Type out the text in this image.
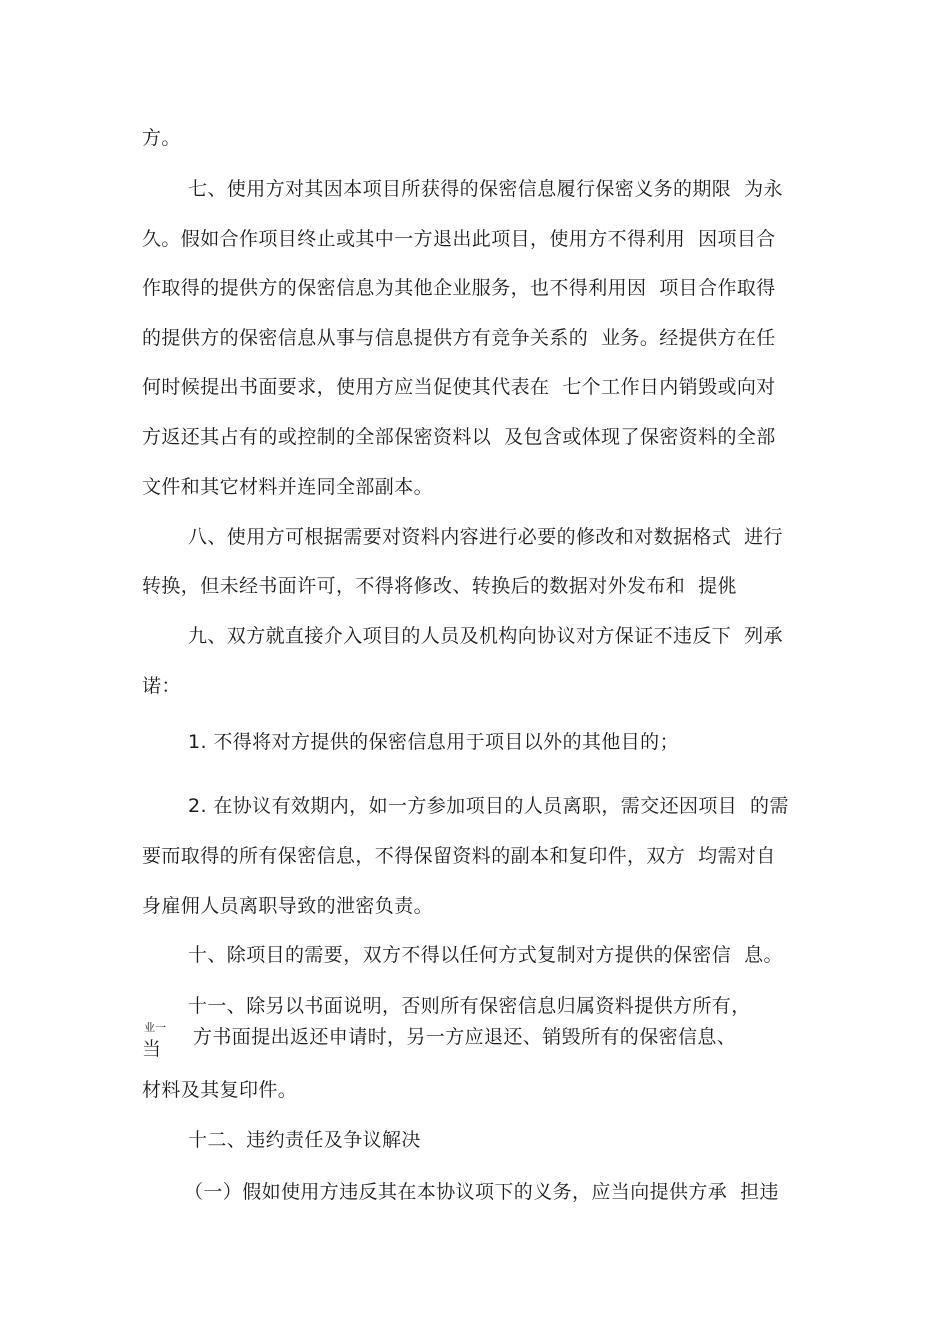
方。
七、使用方对其因本项目所获得的保密信息履行保密义务的期限  为永
久。假如合作项目终止或其中一方退出此项目，使用方不得利用  因项目合
作取得的提供方的保密信息为其他企业服务，也不得利用因  项目合作取得
的提供方的保密信息从事与信息提供方有竞争关系的  业务。经提供方在任
何时候提出书面要求，使用方应当促使其代表在  七个工作日内销毁或向对
方返还其占有的或控制的全部保密资料以  及包含或体现了保密资料的全部
文件和其它材料并连同全部副本。
八、使用方可根据需要对资料内容进行必要的修改和对数据格式  进行
转换，但未经书面许可，不得将修改、转换后的数据对外发布和  提佻
九、双方就直接介入项目的人员及机构向协议对方保证不违反下  列承
诺：
1. 不得将对方提供的保密信息用于项目以外的其他目的；
2. 在协议有效期内，如一方参加项目的人员离职，需交还因项目  的需
要而取得的所有保密信息，不得保留资料的副本和复印件，双方  均需对自
身雇佣人员离职导致的泄密负责。
十、除项目的需要，双方不得以任何方式复制对方提供的保密信  息。
十一、除另以书面说明，否则所有保密信息归属资料提供方所有，
业一
当
方书面提出返还申请时，另一方应退还、销毁所有的保密信息、
材料及其复印件。
十二、违约责任及争议解决
（一）假如使用方违反其在本协议项下的义务，应当向提供方承  担违
